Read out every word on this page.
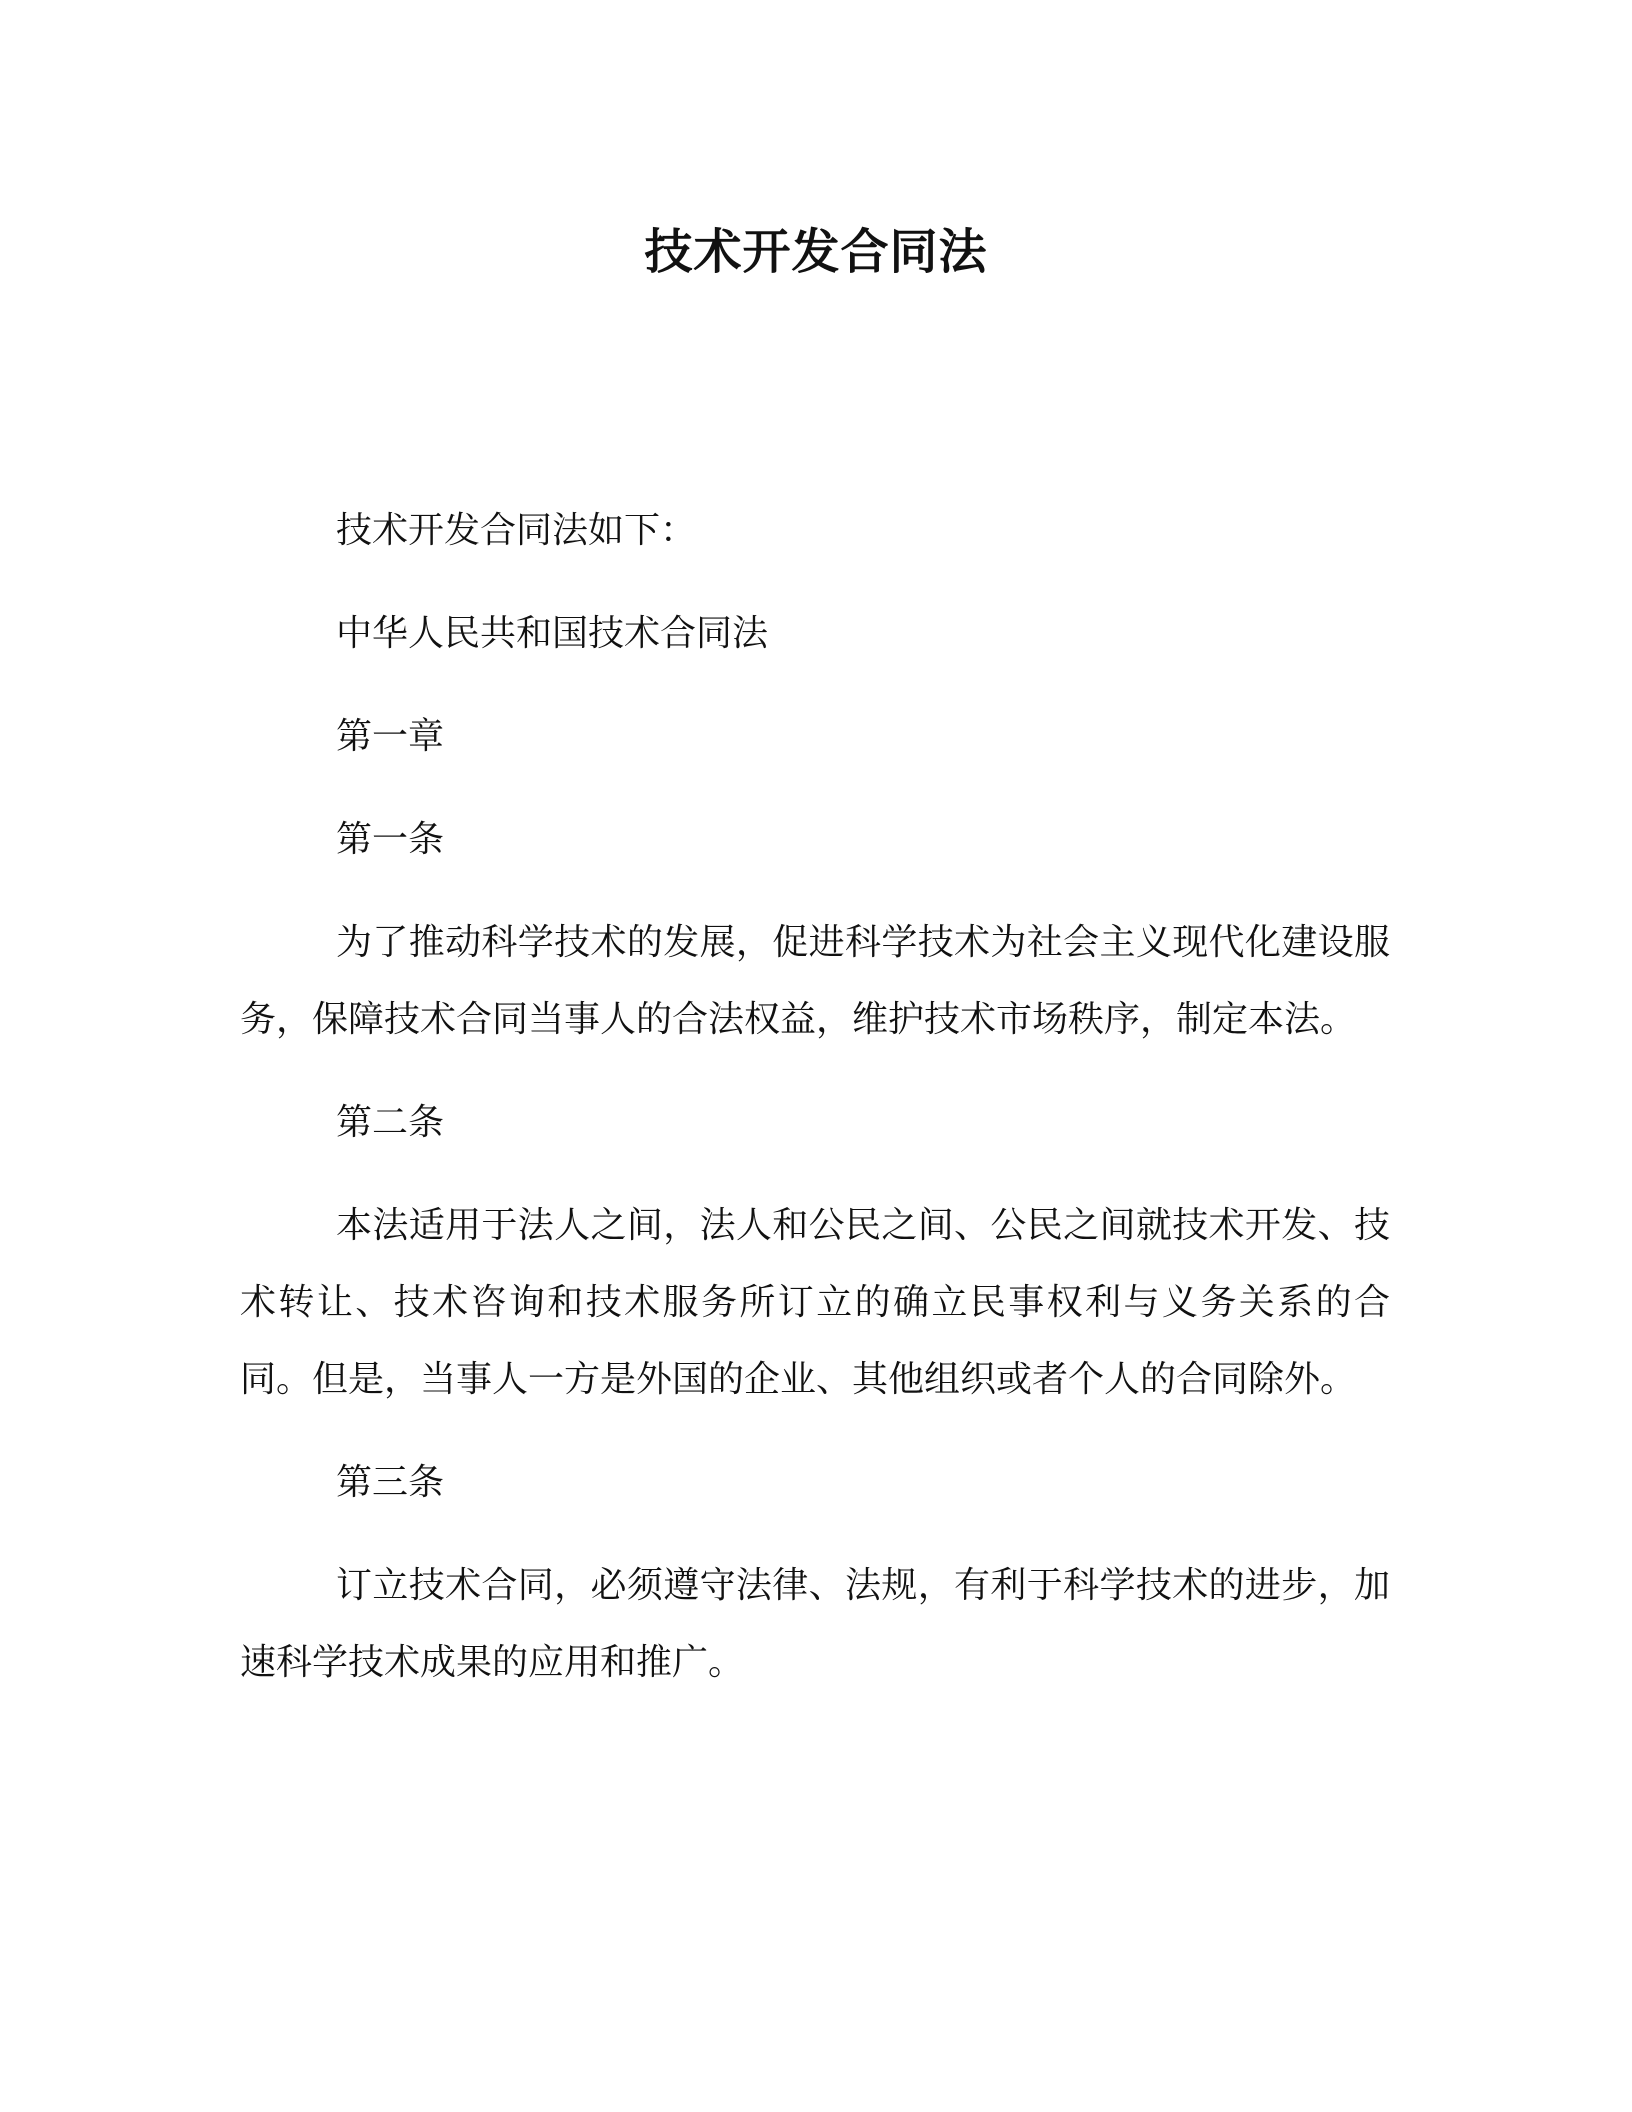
技术开发合同法

技术开发合同法如下：

中华人民共和国技术合同法

第一章

第一条

为了推动科学技术的发展，促进科学技术为社会主义现代化建设服务，保障技术合同当事人的合法权益，维护技术市场秩序，制定本法。

第二条

本法适用于法人之间，法人和公民之间、公民之间就技术开发、技术转让、技术咨询和技术服务所订立的确立民事权利与义务关系的合同。但是，当事人一方是外国的企业、其他组织或者个人的合同除外。

第三条

订立技术合同，必须遵守法律、法规，有利于科学技术的进步，加速科学技术成果的应用和推广。
